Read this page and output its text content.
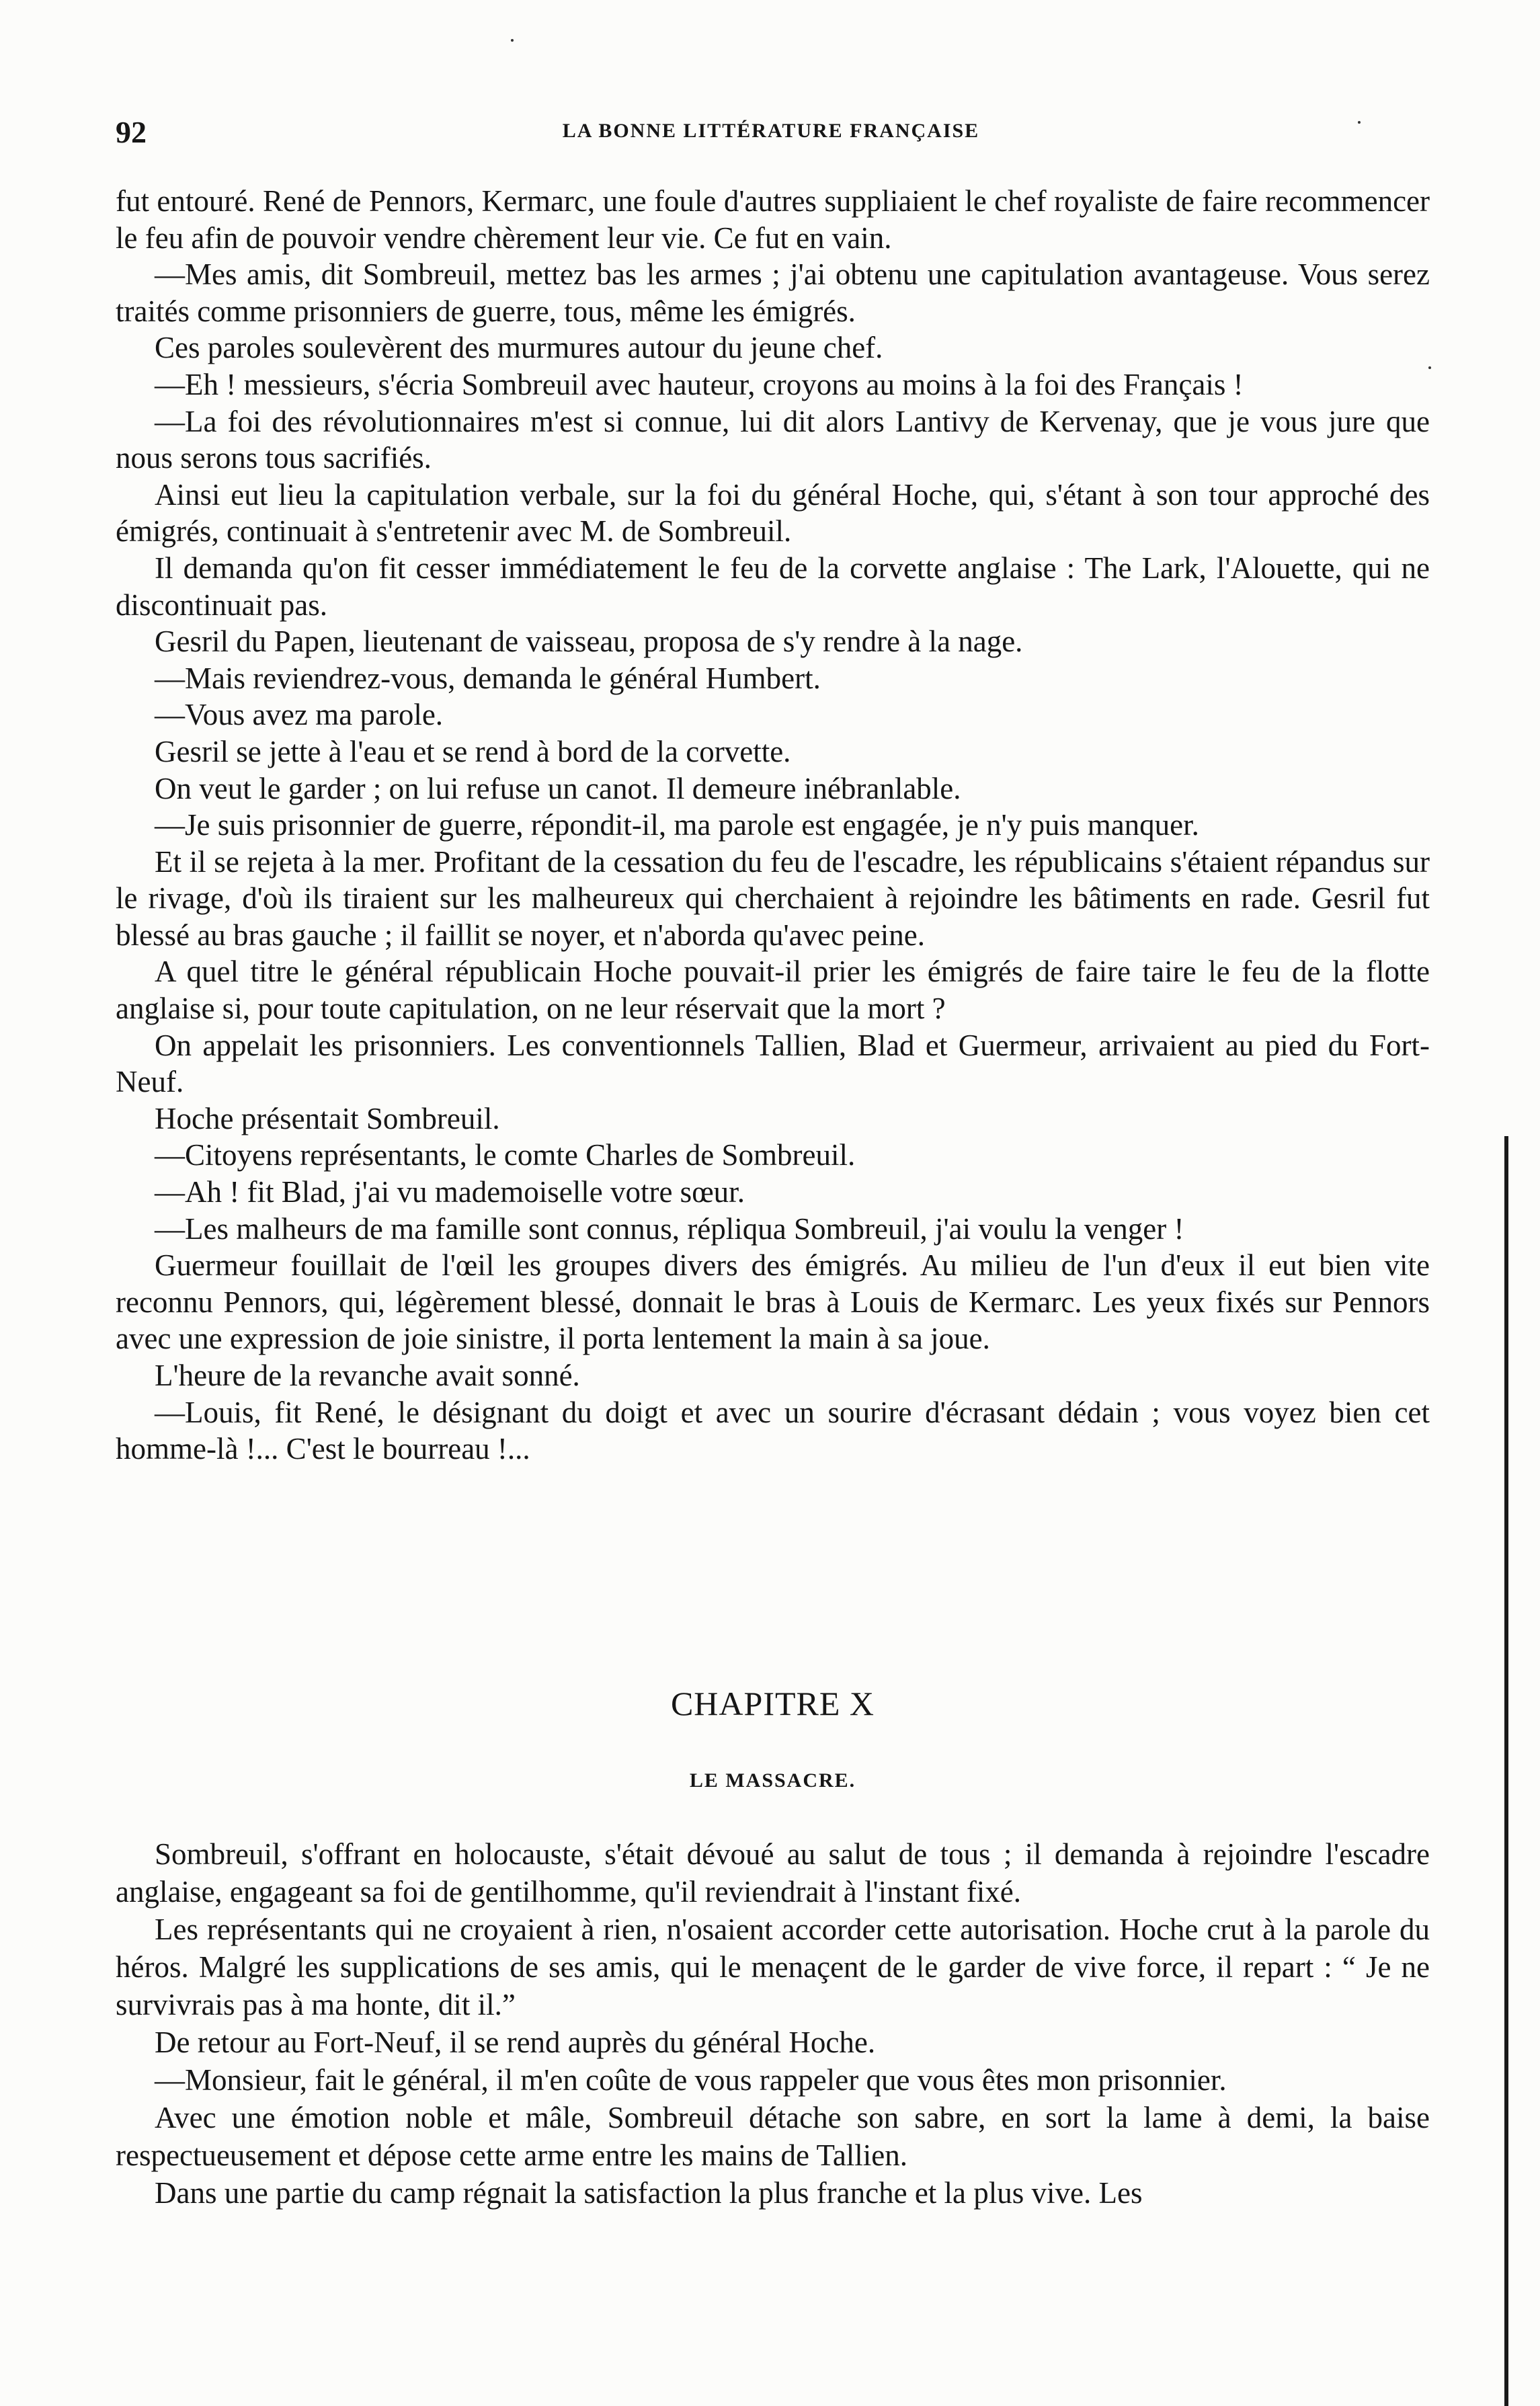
92	LA BONNE LITTÉRATURE FRANÇAISE

fut entouré. René de Pennors, Kermarc, une foule d'autres suppliaient le chef royaliste de faire recommencer le feu afin de pouvoir vendre chèrement leur vie. Ce fut en vain.

—Mes amis, dit Sombreuil, mettez bas les armes ; j'ai obtenu une capitulation avantageuse. Vous serez traités comme prisonniers de guerre, tous, même les émigrés.

Ces paroles soulevèrent des murmures autour du jeune chef.

—Eh ! messieurs, s'écria Sombreuil avec hauteur, croyons au moins à la foi des Français !

—La foi des révolutionnaires m'est si connue, lui dit alors Lantivy de Kervenay, que je vous jure que nous serons tous sacrifiés.

Ainsi eut lieu la capitulation verbale, sur la foi du général Hoche, qui, s'étant à son tour approché des émigrés, continuait à s'entretenir avec M. de Sombreuil.

Il demanda qu'on fit cesser immédiatement le feu de la corvette anglaise : The Lark, l'Alouette, qui ne discontinuait pas.

Gesril du Papen, lieutenant de vaisseau, proposa de s'y rendre à la nage.

—Mais reviendrez-vous, demanda le général Humbert.

—Vous avez ma parole.

Gesril se jette à l'eau et se rend à bord de la corvette.

On veut le garder ; on lui refuse un canot. Il demeure inébranlable.

—Je suis prisonnier de guerre, répondit-il, ma parole est engagée, je n'y puis manquer.

Et il se rejeta à la mer. Profitant de la cessation du feu de l'escadre, les républicains s'étaient répandus sur le rivage, d'où ils tiraient sur les malheureux qui cherchaient à rejoindre les bâtiments en rade. Gesril fut blessé au bras gauche ; il faillit se noyer, et n'aborda qu'avec peine.

A quel titre le général républicain Hoche pouvait-il prier les émigrés de faire taire le feu de la flotte anglaise si, pour toute capitulation, on ne leur réservait que la mort ?

On appelait les prisonniers. Les conventionnels Tallien, Blad et Guermeur, arrivaient au pied du Fort-Neuf.

Hoche présentait Sombreuil.

—Citoyens représentants, le comte Charles de Sombreuil.

—Ah ! fit Blad, j'ai vu mademoiselle votre sœur.

—Les malheurs de ma famille sont connus, répliqua Sombreuil, j'ai voulu la venger !

Guermeur fouillait de l'œil les groupes divers des émigrés. Au milieu de l'un d'eux il eut bien vite reconnu Pennors, qui, légèrement blessé, donnait le bras à Louis de Kermarc. Les yeux fixés sur Pennors avec une expression de joie sinistre, il porta lentement la main à sa joue.

L'heure de la revanche avait sonné.

—Louis, fit René, le désignant du doigt et avec un sourire d'écrasant dédain ; vous voyez bien cet homme-là !... C'est le bourreau !...

CHAPITRE X
LE MASSACRE.

Sombreuil, s'offrant en holocauste, s'était dévoué au salut de tous ; il demanda à rejoindre l'escadre anglaise, engageant sa foi de gentilhomme, qu'il reviendrait à l'instant fixé.

Les représentants qui ne croyaient à rien, n'osaient accorder cette autorisation. Hoche crut à la parole du héros. Malgré les supplications de ses amis, qui le menaçent de le garder de vive force, il repart : “ Je ne survivrais pas à ma honte, dit il.”

De retour au Fort-Neuf, il se rend auprès du général Hoche.

—Monsieur, fait le général, il m'en coûte de vous rappeler que vous êtes mon prisonnier.

Avec une émotion noble et mâle, Sombreuil détache son sabre, en sort la lame à demi, la baise respectueusement et dépose cette arme entre les mains de Tallien.

Dans une partie du camp régnait la satisfaction la plus franche et la plus vive. Les
